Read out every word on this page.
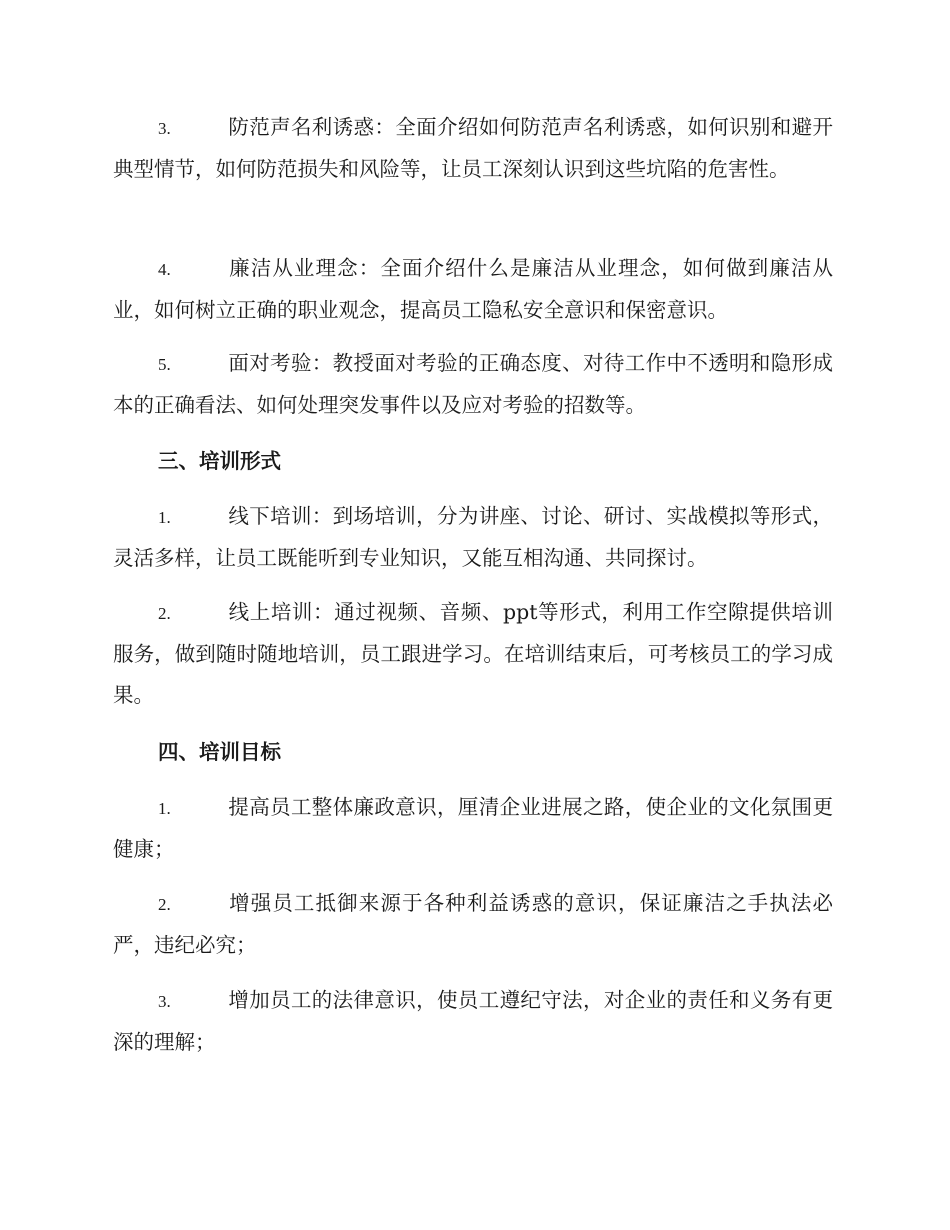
3.	防范声名利诱惑：全面介绍如何防范声名利诱惑，如何识别和避开典型情节，如何防范损失和风险等，让员工深刻认识到这些坑陷的危害性。

4.	廉洁从业理念：全面介绍什么是廉洁从业理念，如何做到廉洁从业，如何树立正确的职业观念，提高员工隐私安全意识和保密意识。

5.	面对考验：教授面对考验的正确态度、对待工作中不透明和隐形成本的正确看法、如何处理突发事件以及应对考验的招数等。

三、培训形式

1.	线下培训：到场培训，分为讲座、讨论、研讨、实战模拟等形式，灵活多样，让员工既能听到专业知识，又能互相沟通、共同探讨。

2.	线上培训：通过视频、音频、ppt等形式，利用工作空隙提供培训服务，做到随时随地培训，员工跟进学习。在培训结束后，可考核员工的学习成果。

四、培训目标

1.	提高员工整体廉政意识，厘清企业进展之路，使企业的文化氛围更健康；

2.	增强员工抵御来源于各种利益诱惑的意识，保证廉洁之手执法必严，违纪必究；

3.	增加员工的法律意识，使员工遵纪守法，对企业的责任和义务有更深的理解；
